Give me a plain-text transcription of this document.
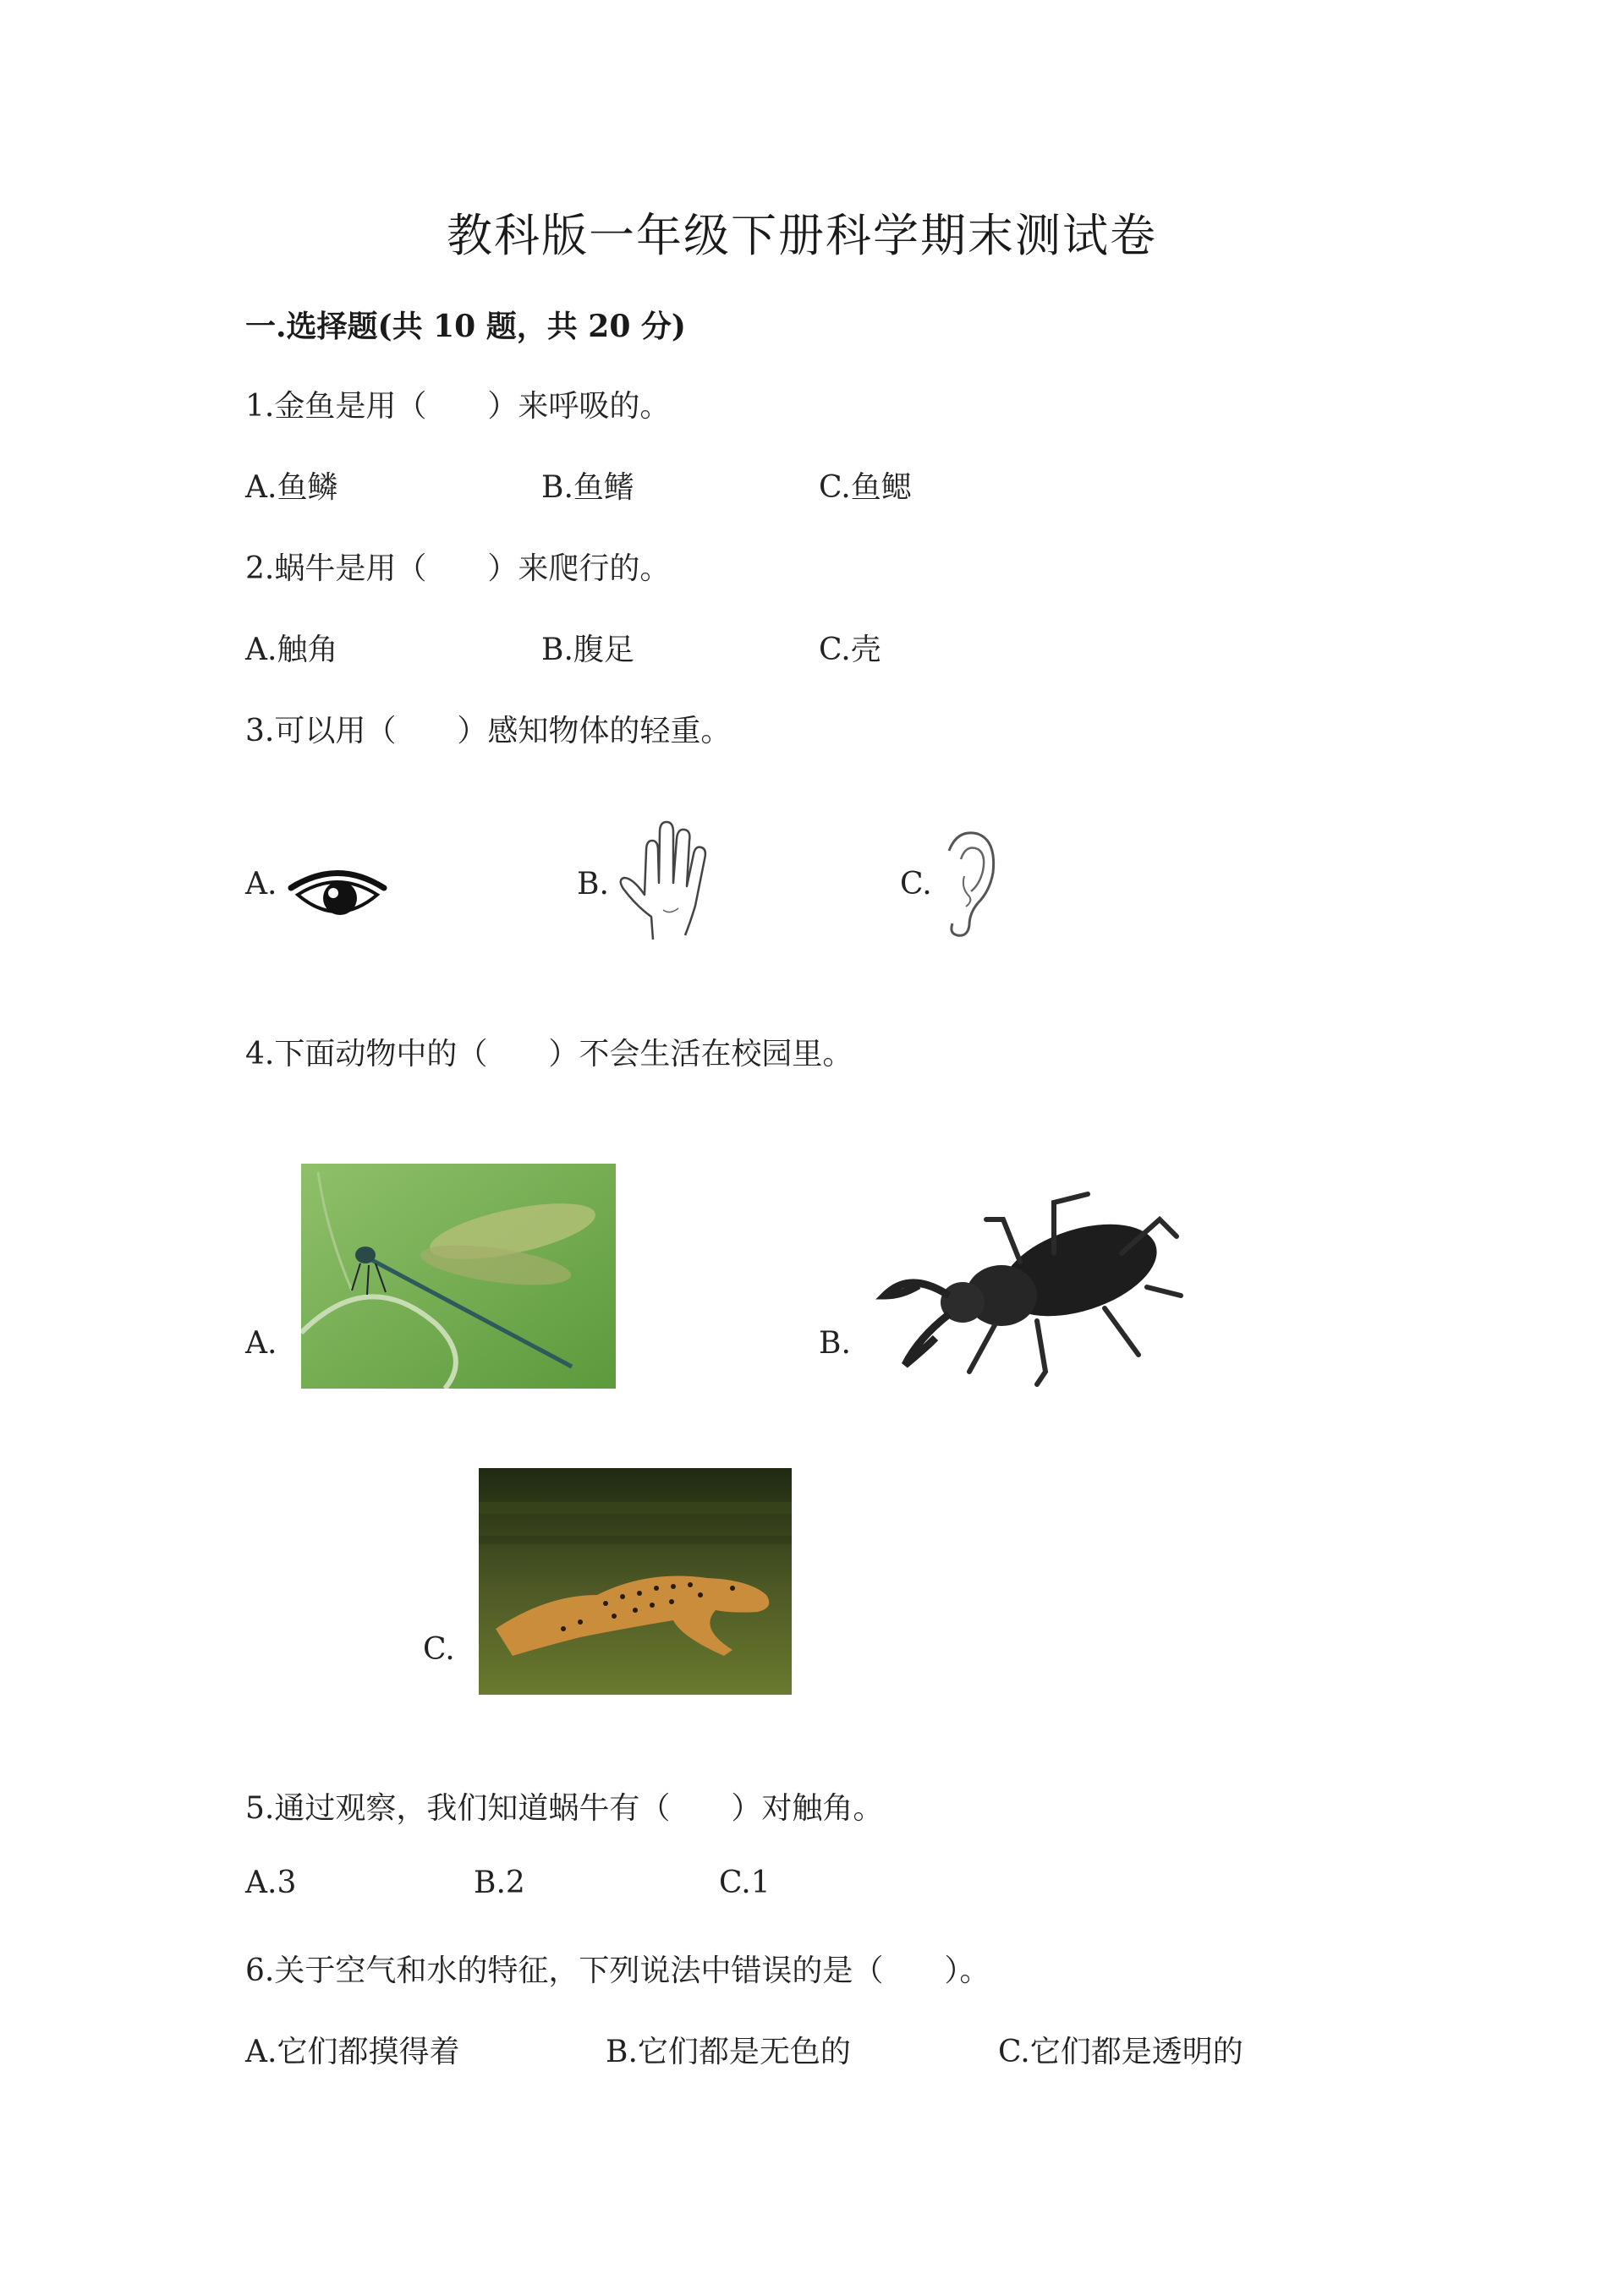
教科版一年级下册科学期末测试卷
一.选择题(共 10 题，共 20 分)
1.金鱼是用（　　）来呼吸的。
A.鱼鳞	B.鱼鳍	C.鱼鳃
2.蜗牛是用（　　）来爬行的。
A.触角	B.腹足	C.壳
3.可以用（　　）感知物体的轻重。
A.	B.	C.
4.下面动物中的（　　）不会生活在校园里。
A.	B.
C.
5.通过观察，我们知道蜗牛有（　　）对触角。
A.3	B.2	C.1
6.关于空气和水的特征，下列说法中错误的是（　　）。
A.它们都摸得着	B.它们都是无色的	C.它们都是透明的
